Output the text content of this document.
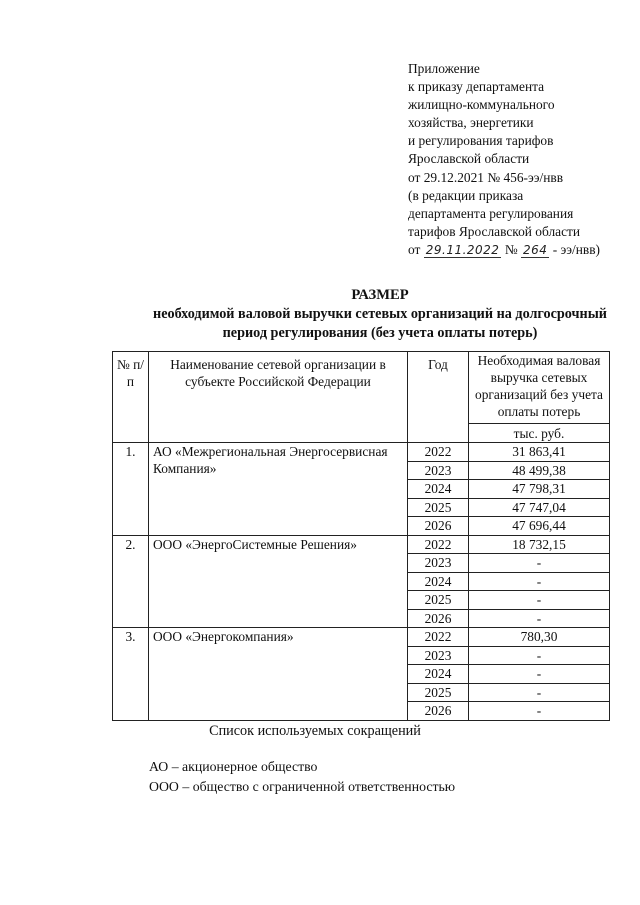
Приложение
к приказу департамента
жилищно-коммунального
хозяйства, энергетики
и регулирования тарифов
Ярославской области
от 29.12.2021 № 456-ээ/нвв
(в редакции приказа
департамента регулирования
тарифов Ярославской области
от 29.11.2022 № 264 - ээ/нвв)
РАЗМЕР
необходимой валовой выручки сетевых организаций на долгосрочный
период регулирования (без учета оплаты потерь)
№ п/п	Наименование сетевой организации в субъекте Российской Федерации	Год	Необходимая валовая выручка сетевых организаций без учета оплаты потерь
тыс. руб.

1.	АО «Межрегиональная Энергосервисная Компания»	2022	31 863,41
		2023	48 499,38
		2024	47 798,31
		2025	47 747,04
		2026	47 696,44
2.	ООО «ЭнергоСистемные Решения»	2022	18 732,15
		2023	-
		2024	-
		2025	-
		2026	-
3.	ООО «Энергокомпания»	2022	780,30
		2023	-
		2024	-
		2025	-
		2026	-
Список используемых сокращений
АО – акционерное общество
ООО – общество с ограниченной ответственностью
